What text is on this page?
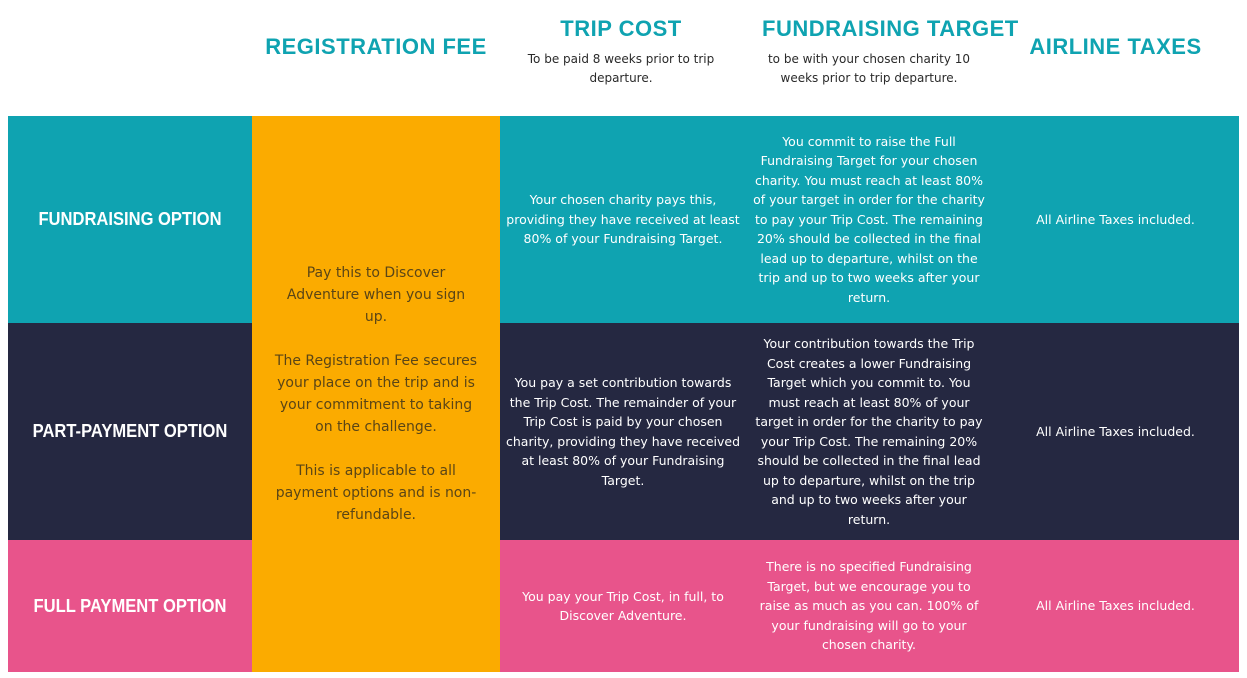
REGISTRATION FEE
TRIP COST
To be paid 8 weeks prior to trip departure.
FUNDRAISING TARGET
to be with your chosen charity 10 weeks prior to trip departure.
AIRLINE TAXES
FUNDRAISING OPTION
Your chosen charity pays this, providing they have received at least 80% of your Fundraising Target.
You commit to raise the Full Fundraising Target for your chosen charity. You must reach at least 80% of your target in order for the charity to pay your Trip Cost. The remaining 20% should be collected in the final lead up to departure, whilst on the trip and up to two weeks after your return.
All Airline Taxes included.
PART-PAYMENT OPTION
You pay a set contribution towards the Trip Cost. The remainder of your Trip Cost is paid by your chosen charity, providing they have received at least 80% of your Fundraising Target.
Your contribution towards the Trip Cost creates a lower Fundraising Target which you commit to. You must reach at least 80% of your target in order for the charity to pay your Trip Cost. The remaining 20% should be collected in the final lead up to departure, whilst on the trip and up to two weeks after your return.
All Airline Taxes included.
FULL PAYMENT OPTION	You pay your Trip Cost, in full, to Discover Adventure.
There is no specified Fundraising Target, but we encourage you to raise as much as you can. 100% of your fundraising will go to your chosen charity.
All Airline Taxes included.

Pay this to Discover Adventure when you sign up.

The Registration Fee secures your place on the trip and is your commitment to taking on the challenge.

This is applicable to all payment options and is non-refundable.
